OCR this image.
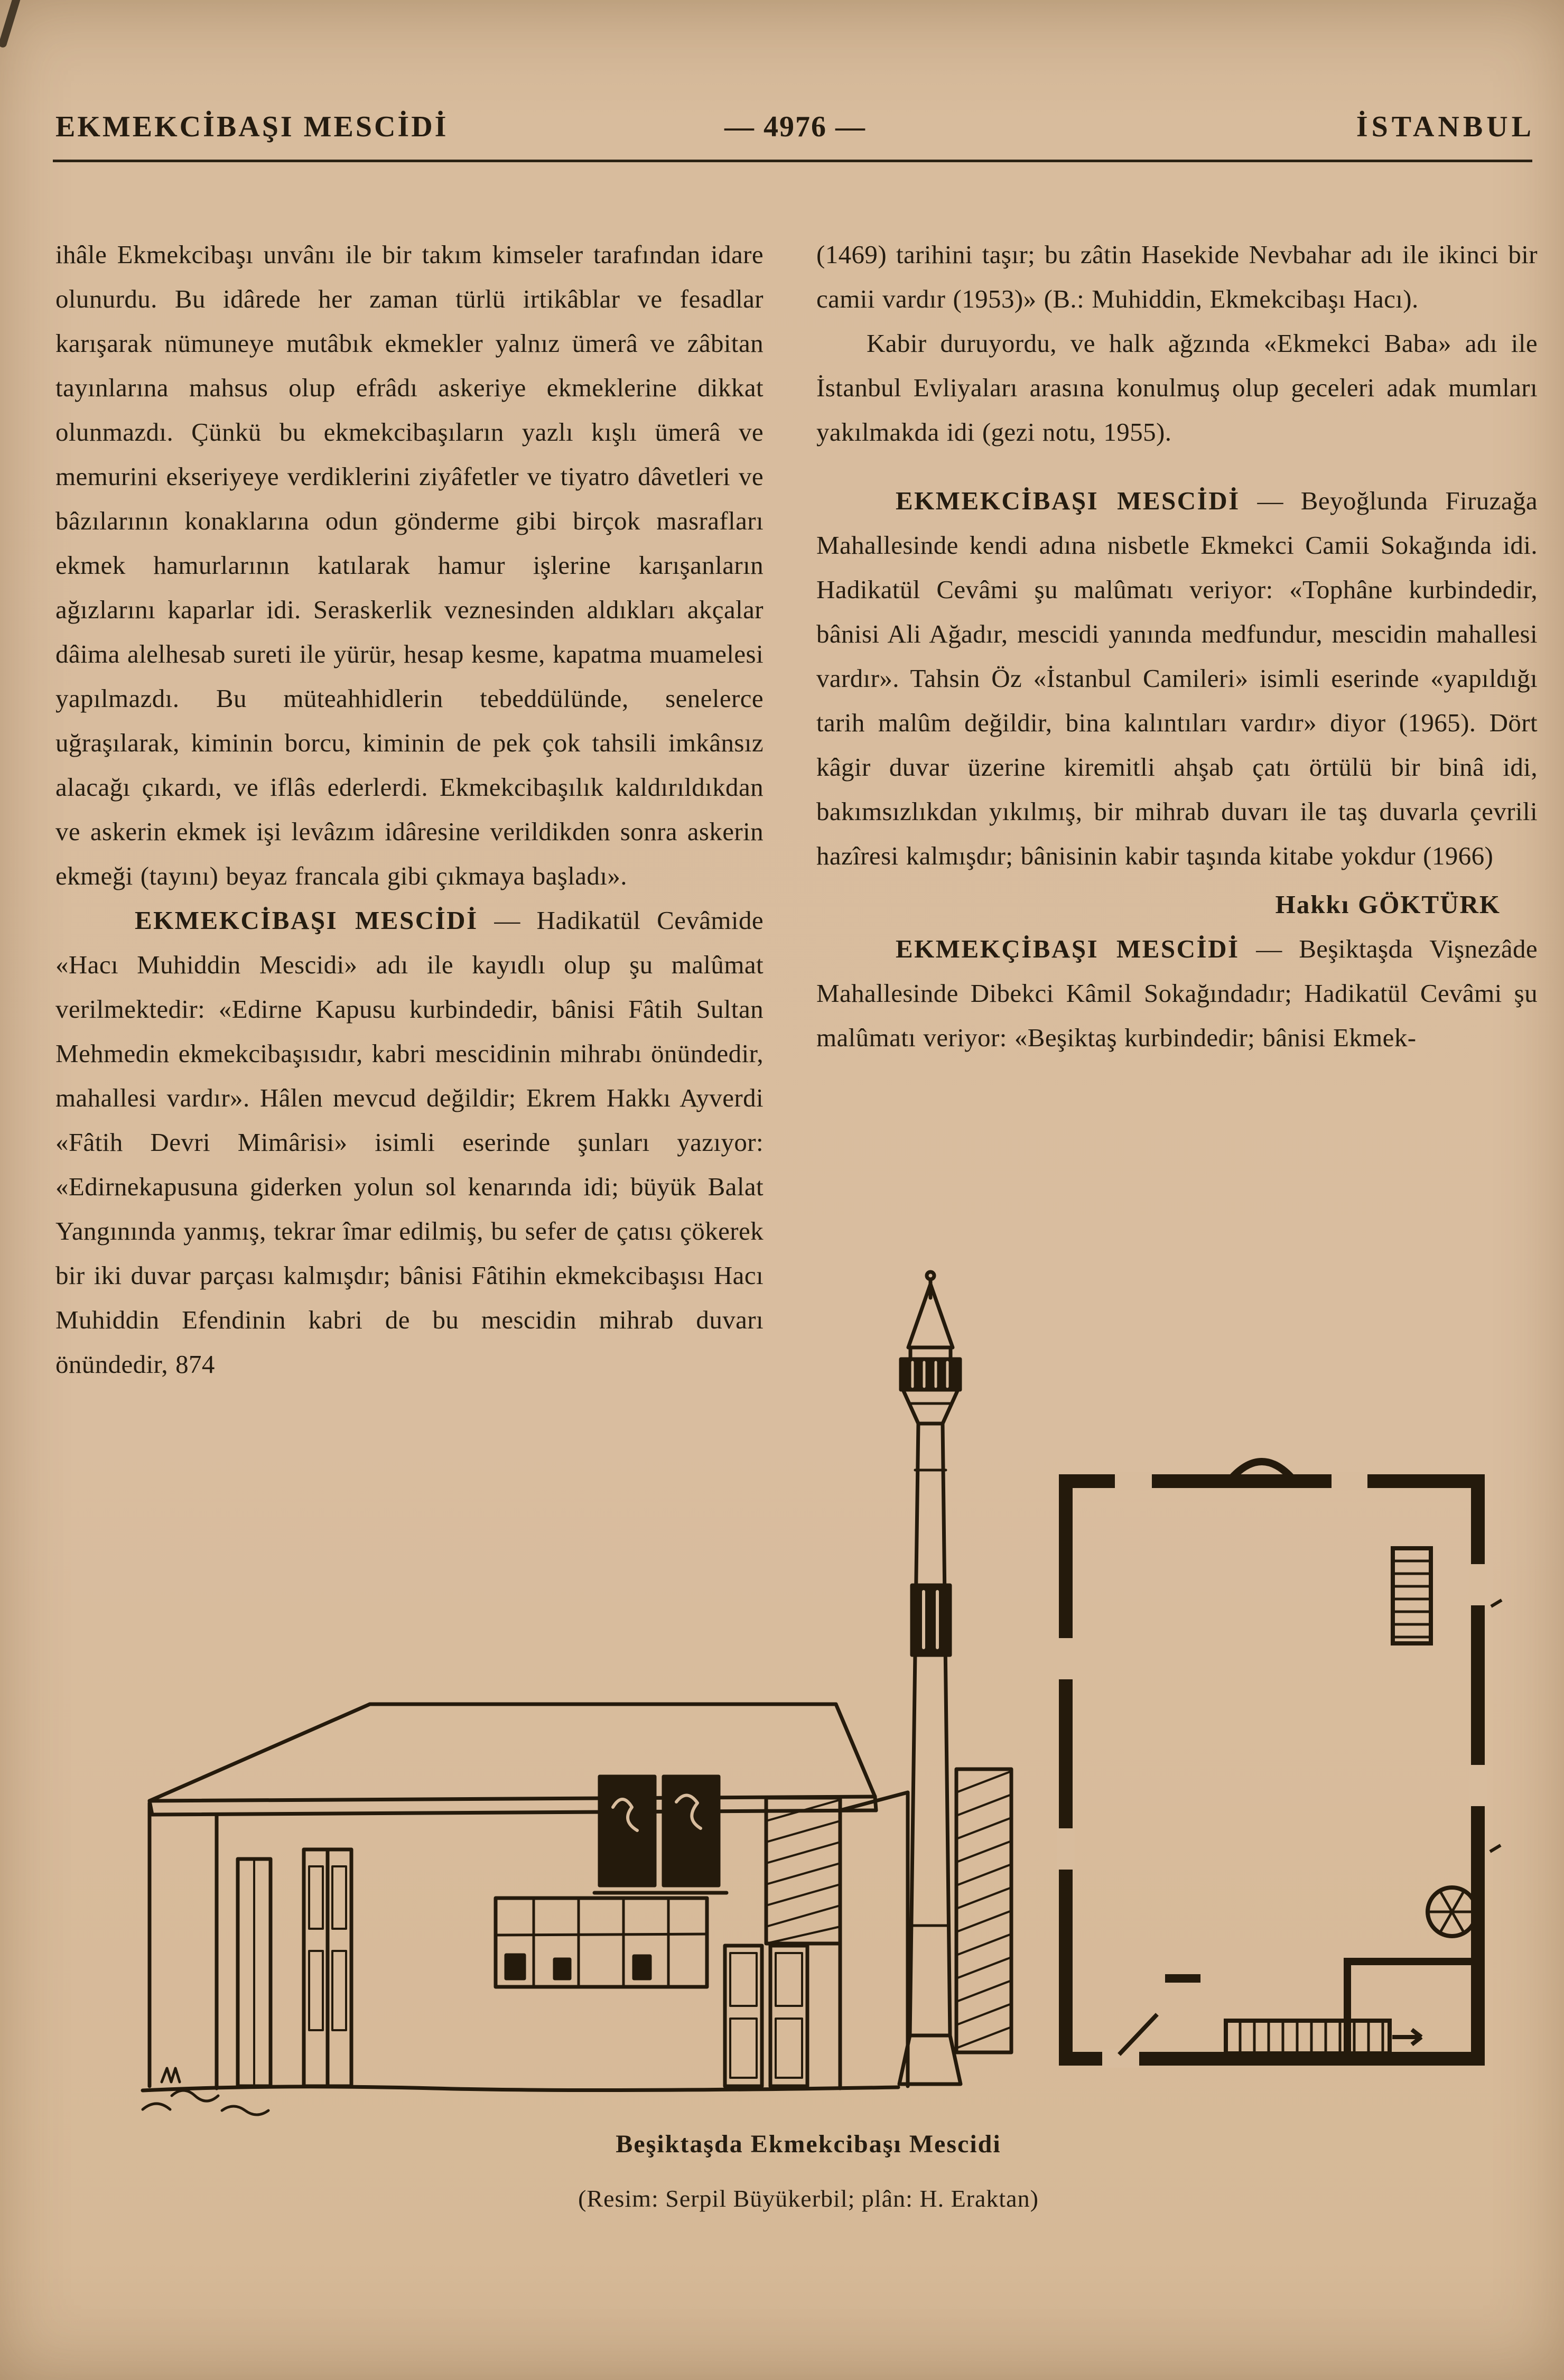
EKMEKCİBAŞI MESCİDİ	— 4976 —	İSTANBUL

ihâle Ekmekcibaşı unvânı ile bir takım kimseler tarafından idare olunurdu. Bu idârede her zaman türlü irtikâblar ve fesadlar karışarak nümuneye mutâbık ekmekler yalnız ümerâ ve zâbitan tayınlarına mahsus olup efrâdı askeriye ekmeklerine dikkat olunmazdı. Çünkü bu ekmekcibaşıların yazlı kışlı ümerâ ve memurini ekseriyeye verdiklerini ziyâfetler ve tiyatro dâvetleri ve bâzılarının konaklarına odun gönderme gibi birçok masrafları ekmek hamurlarının katılarak hamur işlerine karışanların ağızlarını kaparlar idi. Seraskerlik veznesinden aldıkları akçalar dâima alelhesab sureti ile yürür, hesap kesme, kapatma muamelesi yapılmazdı. Bu müteahhidlerin tebeddülünde, senelerce uğraşılarak, kiminin borcu, kiminin de pek çok tahsili imkânsız alacağı çıkardı, ve iflâs ederlerdi. Ekmekcibaşılık kaldırıldıkdan ve askerin ekmek işi levâzım idâresine verildikden sonra askerin ekmeği (tayını) beyaz francala gibi çıkmaya başladı».

EKMEKCİBAŞI MESCİDİ — Hadikatül Cevâmide «Hacı Muhiddin Mescidi» adı ile kayıdlı olup şu malûmat verilmektedir: «Edirne Kapusu kurbindedir, bânisi Fâtih Sultan Mehmedin ekmekcibaşısıdır, kabri mescidinin mihrabı önündedir, mahallesi vardır». Hâlen mevcud değildir; Ekrem Hakkı Ayverdi «Fâtih Devri Mimârisi» isimli eserinde şunları yazıyor: «Edirnekapusuna giderken yolun sol kenarında idi; büyük Balat Yangınında yanmış, tekrar îmar edilmiş, bu sefer de çatısı çökerek bir iki duvar parçası kalmışdır; bânisi Fâtihin ekmekcibaşısı Hacı Muhiddin Efendinin kabri de bu mescidin mihrab duvarı önündedir, 874

(1469) tarihini taşır; bu zâtin Hasekide Nevbahar adı ile ikinci bir camii vardır (1953)» (B.: Muhiddin, Ekmekcibaşı Hacı).

Kabir duruyordu, ve halk ağzında «Ekmekci Baba» adı ile İstanbul Evliyaları arasına konulmuş olup geceleri adak mumları yakılmakda idi (gezi notu, 1955).

EKMEKCİBAŞI MESCİDİ — Beyoğlunda Firuzağa Mahallesinde kendi adına nisbetle Ekmekci Camii Sokağında idi. Hadikatül Cevâmi şu malûmatı veriyor: «Tophâne kurbindedir, bânisi Ali Ağadır, mescidi yanında medfundur, mescidin mahallesi vardır». Tahsin Öz «İstanbul Camileri» isimli eserinde «yapıldığı tarih malûm değildir, bina kalıntıları vardır» diyor (1965). Dört kâgir duvar üzerine kiremitli ahşab çatı örtülü bir binâ idi, bakımsızlıkdan yıkılmış, bir mihrab duvarı ile taş duvarla çevrili hazîresi kalmışdır; bânisinin kabir taşında kitabe yokdur (1966)

Hakkı GÖKTÜRK

EKMEKÇİBAŞI MESCİDİ — Beşiktaşda Vişnezâde Mahallesinde Dibekci Kâmil Sokağındadır; Hadikatül Cevâmi şu malûmatı veriyor: «Beşiktaş kurbindedir; bânisi Ekmek-

Beşiktaşda Ekmekcibaşı Mescidi
(Resim: Serpil Büyükerbil; plân: H. Eraktan)
